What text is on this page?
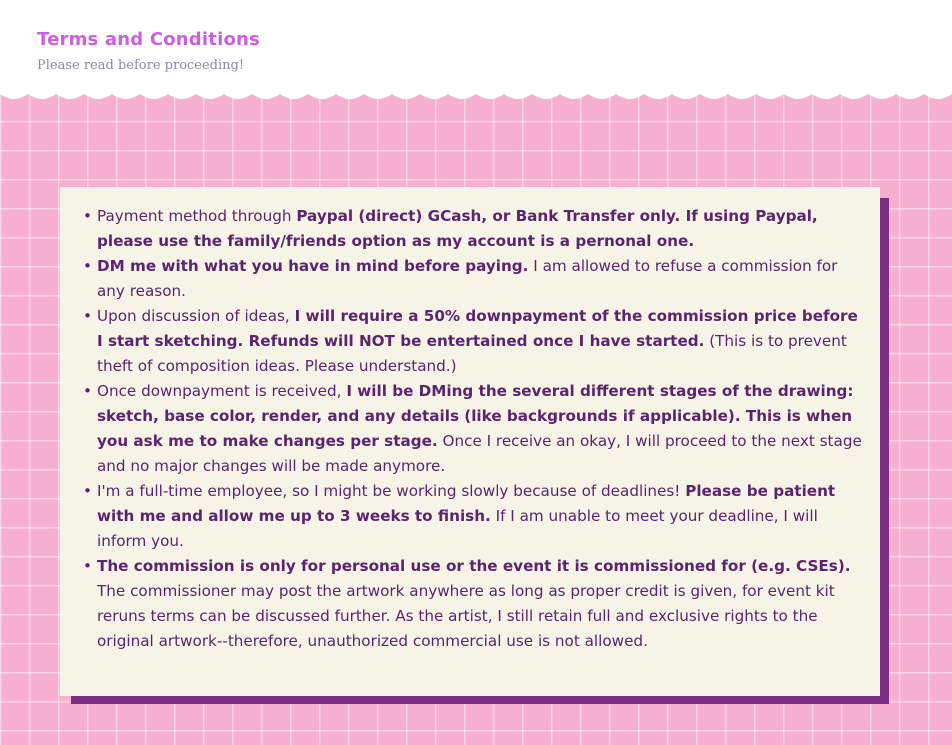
Terms and Conditions
Please read before proceeding!
• Payment method through Paypal (direct) GCash, or Bank Transfer only. If using Paypal, please use the family/friends option as my account is a pernonal one.
• DM me with what you have in mind before paying. I am allowed to refuse a commission for any reason.
• Upon discussion of ideas, I will require a 50% downpayment of the commission price before I start sketching. Refunds will NOT be entertained once I have started. (This is to prevent theft of composition ideas. Please understand.)
• Once downpayment is received, I will be DMing the several different stages of the drawing: sketch, base color, render, and any details (like backgrounds if applicable). This is when you ask me to make changes per stage. Once I receive an okay, I will proceed to the next stage and no major changes will be made anymore.
• I'm a full-time employee, so I might be working slowly because of deadlines! Please be patient with me and allow me up to 3 weeks to finish. If I am unable to meet your deadline, I will inform you.
• The commission is only for personal use or the event it is commissioned for (e.g. CSEs). The commissioner may post the artwork anywhere as long as proper credit is given, for event kit reruns terms can be discussed further. As the artist, I still retain full and exclusive rights to the original artwork--therefore, unauthorized commercial use is not allowed.
